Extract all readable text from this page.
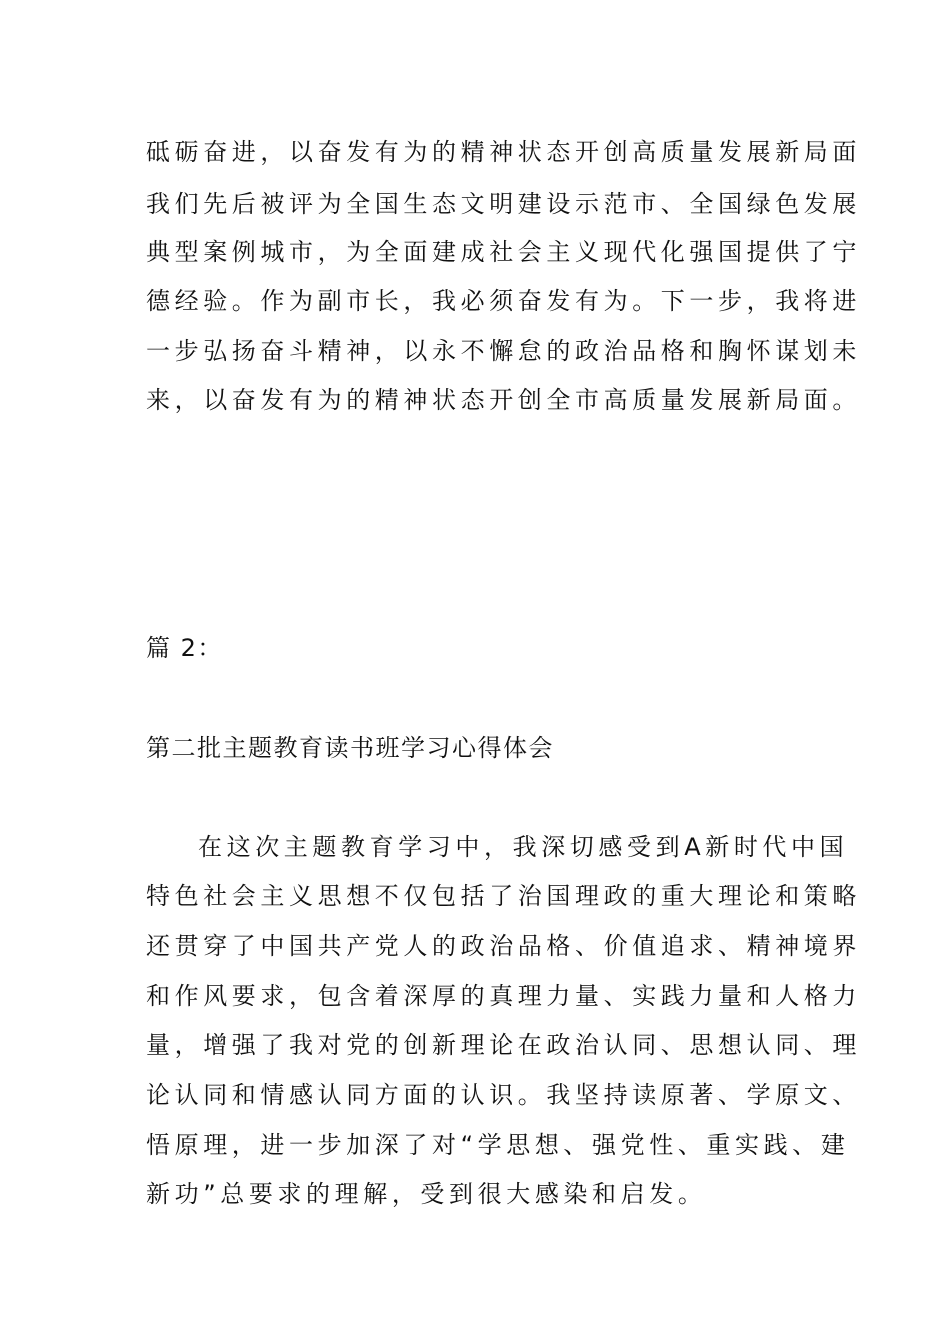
砥砺奋进，以奋发有为的精神状态开创高质量发展新局面
我们先后被评为全国生态文明建设示范市、全国绿色发展
典型案例城市，为全面建成社会主义现代化强国提供了宁
德经验。作为副市长，我必须奋发有为。下一步，我将进
一步弘扬奋斗精神，以永不懈怠的政治品格和胸怀谋划未
来，以奋发有为的精神状态开创全市高质量发展新局面。
篇 2：
第二批主题教育读书班学习心得体会
在这次主题教育学习中，我深切感受到A新时代中国
特色社会主义思想不仅包括了治国理政的重大理论和策略
还贯穿了中国共产党人的政治品格、价值追求、精神境界
和作风要求，包含着深厚的真理力量、实践力量和人格力
量，增强了我对党的创新理论在政治认同、思想认同、理
论认同和情感认同方面的认识。我坚持读原著、学原文、
悟原理，进一步加深了对“学思想、强党性、重实践、建
新功”总要求的理解，受到很大感染和启发。
